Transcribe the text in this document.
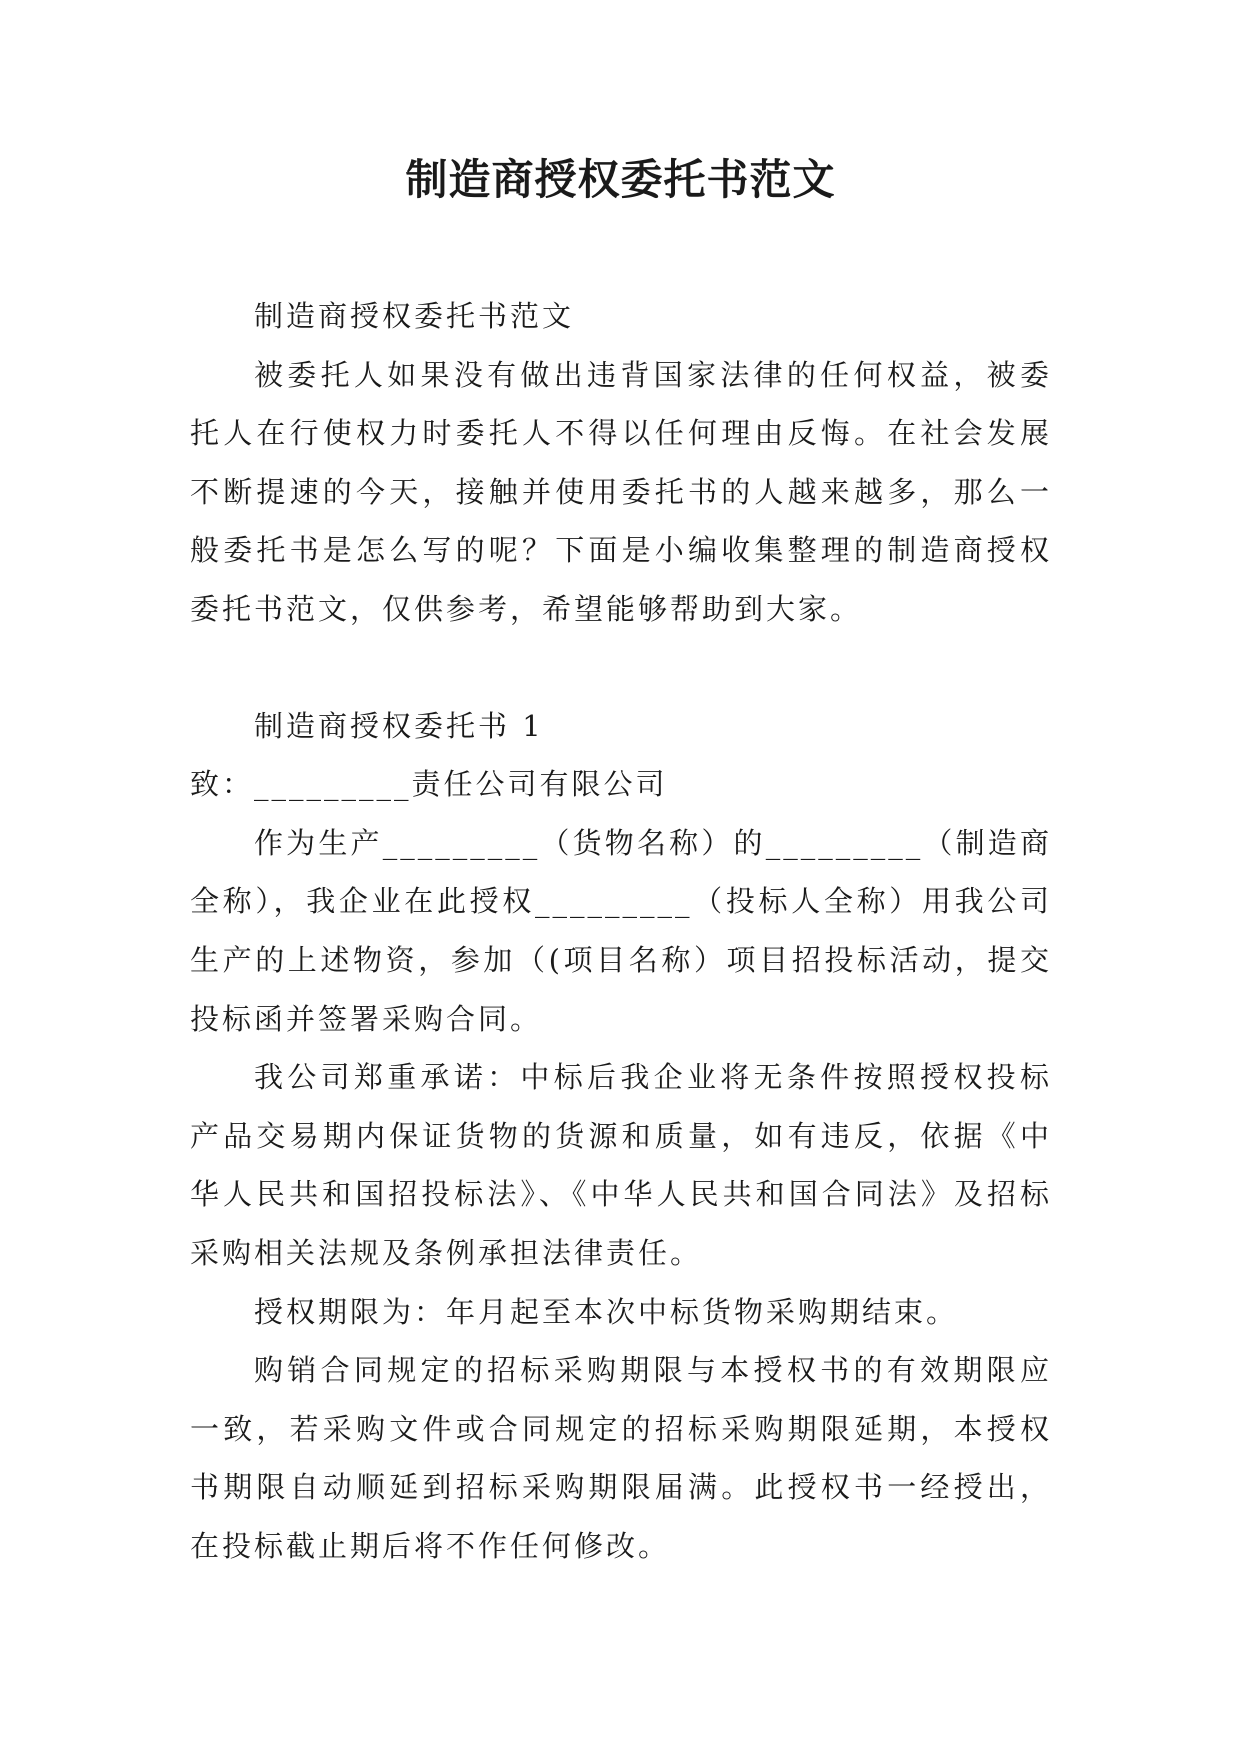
制造商授权委托书范文

制造商授权委托书范文

被委托人如果没有做出违背国家法律的任何权益，被委托人在行使权力时委托人不得以任何理由反悔。在社会发展不断提速的今天，接触并使用委托书的人越来越多，那么一般委托书是怎么写的呢？下面是小编收集整理的制造商授权委托书范文，仅供参考，希望能够帮助到大家。

制造商授权委托书 1

致：_________责任公司有限公司

作为生产_________（货物名称）的_________（制造商全称），我企业在此授权_________（投标人全称）用我公司生产的上述物资，参加（(项目名称）项目招投标活动，提交投标函并签署采购合同。

我公司郑重承诺：中标后我企业将无条件按照授权投标产品交易期内保证货物的货源和质量，如有违反，依据《中华人民共和国招投标法》、《中华人民共和国合同法》及招标采购相关法规及条例承担法律责任。

授权期限为：年月起至本次中标货物采购期结束。

购销合同规定的招标采购期限与本授权书的有效期限应一致，若采购文件或合同规定的招标采购期限延期，本授权书期限自动顺延到招标采购期限届满。此授权书一经授出，在投标截止期后将不作任何修改。
